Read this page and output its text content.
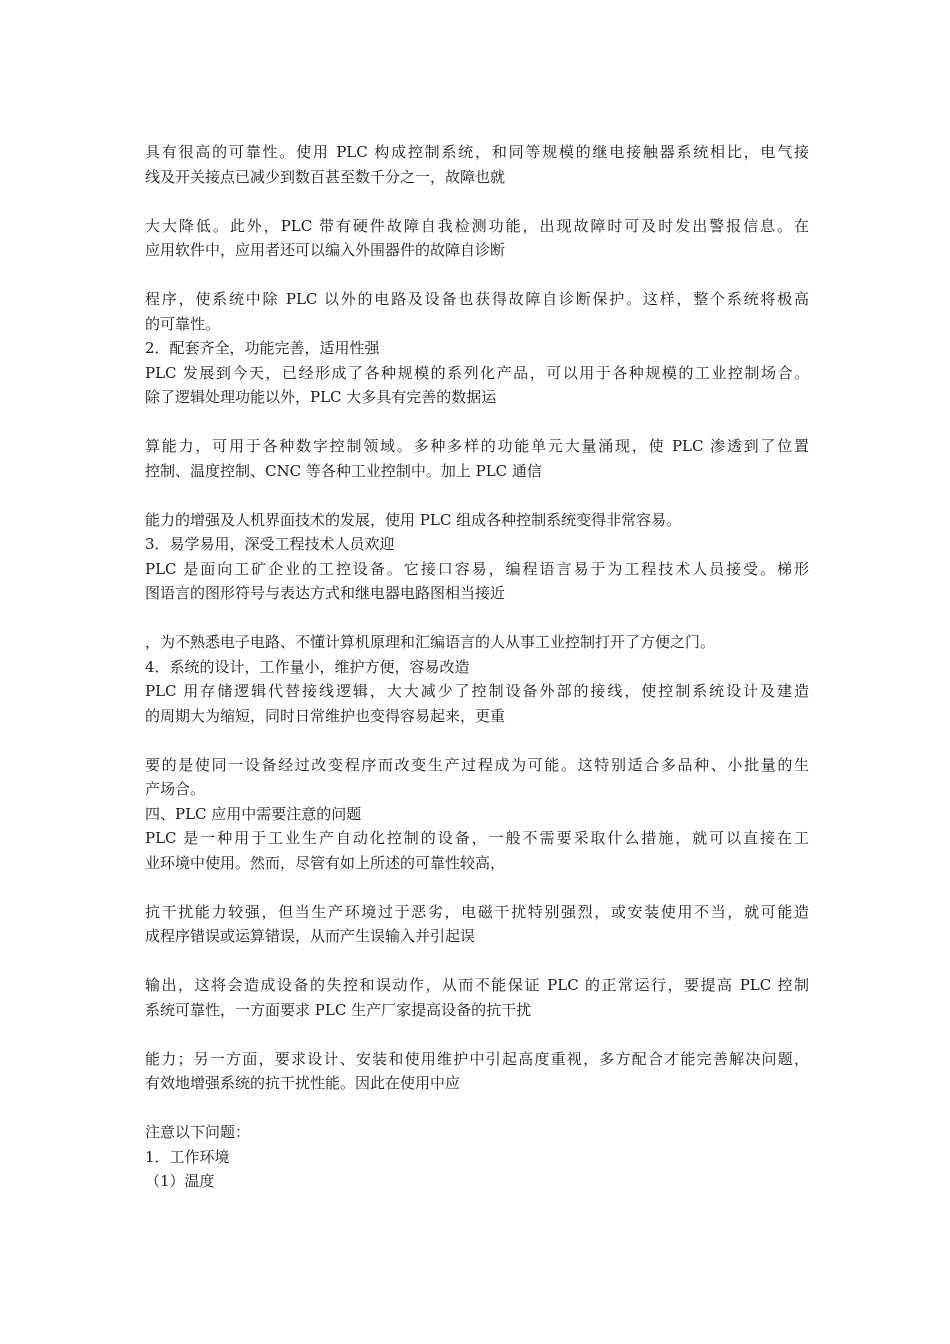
具有很高的可靠性。使用 PLC 构成控制系统，和同等规模的继电接触器系统相比，电气接
线及开关接点已减少到数百甚至数千分之一，故障也就
大大降低。此外，PLC 带有硬件故障自我检测功能，出现故障时可及时发出警报信息。在
应用软件中，应用者还可以编入外围器件的故障自诊断
程序，使系统中除 PLC 以外的电路及设备也获得故障自诊断保护。这样，整个系统将极高
的可靠性。
2．配套齐全，功能完善，适用性强
PLC 发展到今天，已经形成了各种规模的系列化产品，可以用于各种规模的工业控制场合。
除了逻辑处理功能以外，PLC 大多具有完善的数据运
算能力，可用于各种数字控制领域。多种多样的功能单元大量涌现，使 PLC 渗透到了位置
控制、温度控制、CNC 等各种工业控制中。加上 PLC 通信
能力的增强及人机界面技术的发展，使用 PLC 组成各种控制系统变得非常容易。
3．易学易用，深受工程技术人员欢迎
PLC 是面向工矿企业的工控设备。它接口容易，编程语言易于为工程技术人员接受。梯形
图语言的图形符号与表达方式和继电器电路图相当接近
，为不熟悉电子电路、不懂计算机原理和汇编语言的人从事工业控制打开了方便之门。
4．系统的设计，工作量小，维护方便，容易改造
PLC 用存储逻辑代替接线逻辑，大大减少了控制设备外部的接线，使控制系统设计及建造
的周期大为缩短，同时日常维护也变得容易起来，更重
要的是使同一设备经过改变程序而改变生产过程成为可能。这特别适合多品种、小批量的生
产场合。
四、PLC 应用中需要注意的问题
PLC 是一种用于工业生产自动化控制的设备，一般不需要采取什么措施，就可以直接在工
业环境中使用。然而，尽管有如上所述的可靠性较高，
抗干扰能力较强，但当生产环境过于恶劣，电磁干扰特别强烈，或安装使用不当，就可能造
成程序错误或运算错误，从而产生误输入并引起误
输出，这将会造成设备的失控和误动作，从而不能保证 PLC 的正常运行，要提高 PLC 控制
系统可靠性，一方面要求 PLC 生产厂家提高设备的抗干扰
能力；另一方面，要求设计、安装和使用维护中引起高度重视，多方配合才能完善解决问题，
有效地增强系统的抗干扰性能。因此在使用中应
注意以下问题：
1．工作环境
（1）温度
